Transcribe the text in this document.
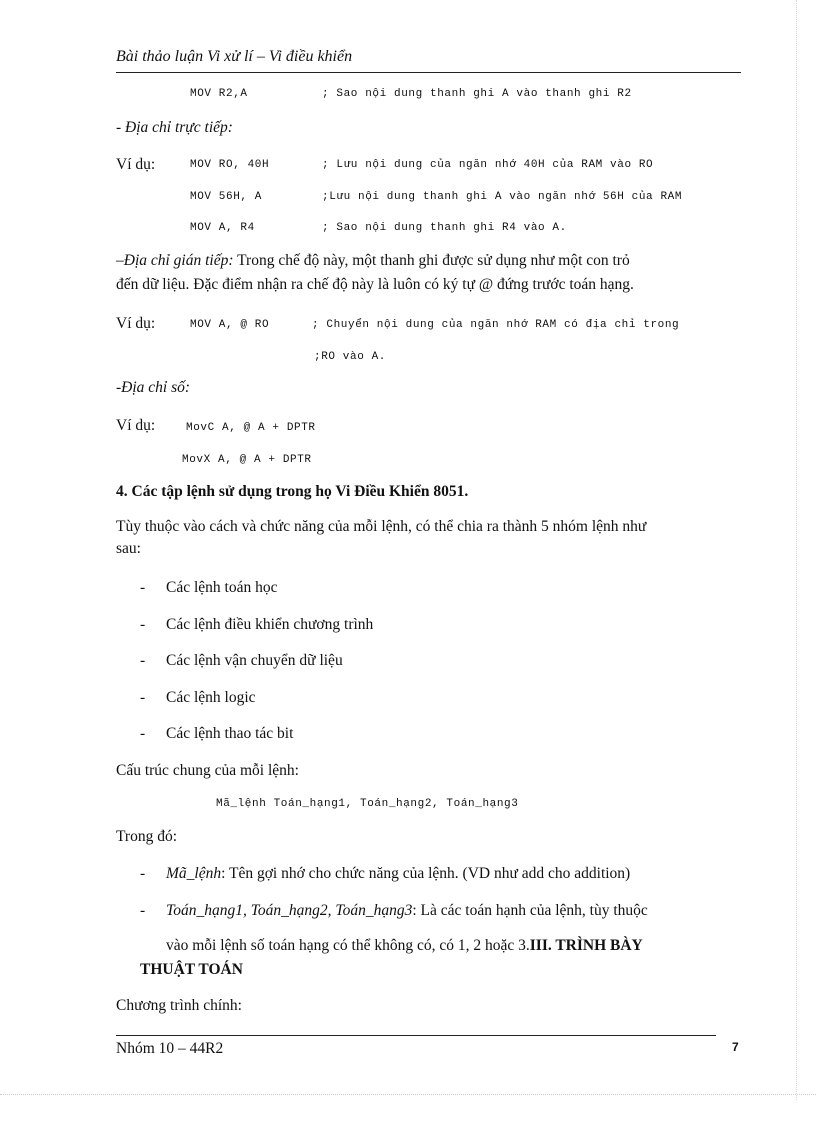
Bài thảo luận Vi xử lí – Vi điều khiển
MOV R2,A	; Sao nội dung thanh ghi A vào thanh ghi R2
- Địa chỉ trực tiếp:
Ví dụ:	MOV RO, 40H	; Lưu nội dung của ngăn nhớ 40H của RAM vào RO
MOV 56H, A	;Lưu nội dung thanh ghi A vào ngăn nhớ 56H của RAM
MOV A, R4	; Sao nội dung thanh ghi R4 vào A.
–Địa chỉ gián tiếp: Trong chế độ này, một thanh ghi được sử dụng như một con trỏ
đến dữ liệu. Đặc điểm nhận ra chế độ này là luôn có ký tự @ đứng trước toán hạng.
Ví dụ:	MOV A, @ RO	; Chuyển nội dung của ngăn nhớ RAM có địa chỉ trong
;RO vào A.
-Địa chỉ số:
Ví dụ:	MovC A, @ A + DPTR
MovX A, @ A + DPTR
4. Các tập lệnh sử dụng trong họ Vi Điều Khiển 8051.
Tùy thuộc vào cách và chức năng của mỗi lệnh, có thể chia ra thành 5 nhóm lệnh như
sau:
- Các lệnh toán học
- Các lệnh điều khiển chương trình
- Các lệnh vận chuyển dữ liệu
- Các lệnh logic
- Các lệnh thao tác bit
Cấu trúc chung của mỗi lệnh:
Mã_lệnh Toán_hạng1, Toán_hạng2, Toán_hạng3
Trong đó:
- Mã_lệnh: Tên gợi nhớ cho chức năng của lệnh. (VD như add cho addition)
- Toán_hạng1, Toán_hạng2, Toán_hạng3: Là các toán hạnh của lệnh, tùy thuộc
vào mỗi lệnh số toán hạng có thể không có, có 1, 2 hoặc 3.III. TRÌNH BÀY
THUẬT TOÁN
Chương trình chính:
Nhóm 10 – 44R2	7
